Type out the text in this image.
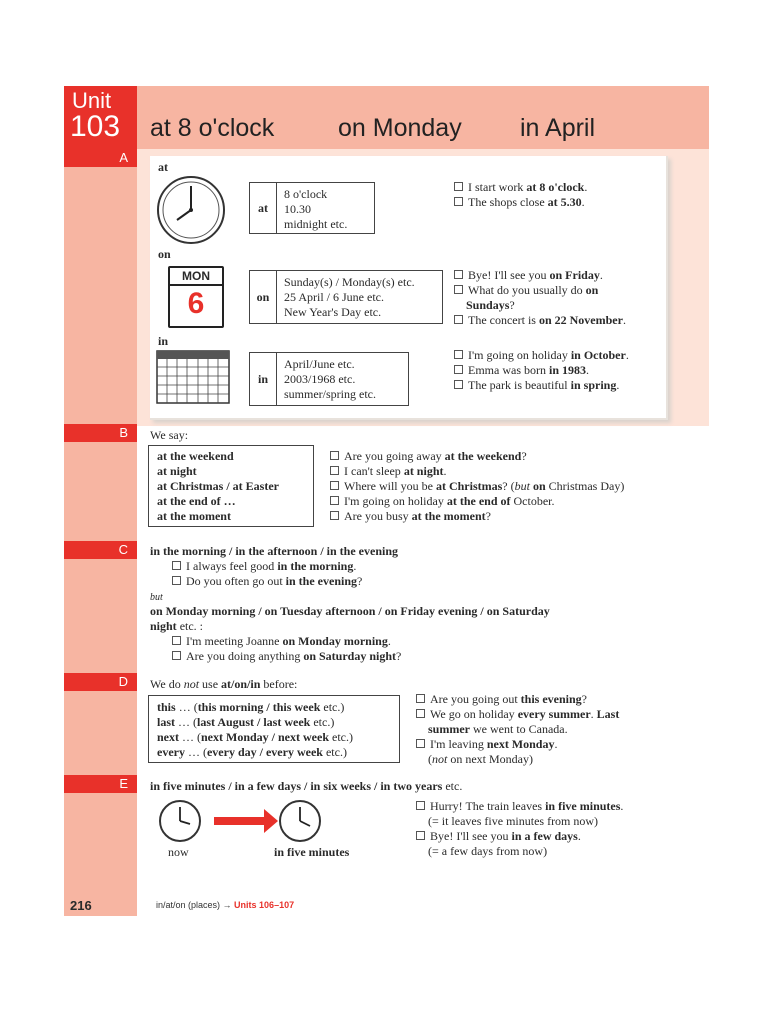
Unit
103 at 8 o'clock	on Monday in April
A
at
at
8 o'clock
10.30
midnight etc.
I start work at 8 o'clock.
The shops close at 5.30.
on
MON
6	on
Sunday(s) / Monday(s) etc.
25 April / 6 June etc.
New Year's Day etc.
Bye! I'll see you on Friday.
What do you usually do on
Sundays?
The concert is on 22 November.
in
in
April/June etc.
2003/1968 etc.
summer/spring etc.
I'm going on holiday in October.
Emma was born in 1983.
The park is beautiful in spring.
B We say:
at the weekend
at night
at Christmas / at Easter
at the end of …
at the moment
Are you going away at the weekend?
I can't sleep at night.
Where will you be at Christmas? (but on Christmas Day)
I'm going on holiday at the end of October.
Are you busy at the moment?
C in the morning / in the afternoon / in the evening
I always feel good in the morning.
Do you often go out in the evening?
but
on Monday morning / on Tuesday afternoon / on Friday evening / on Saturday
night etc. :
I'm meeting Joanne on Monday morning.
Are you doing anything on Saturday night?
D We do not use at/on/in before:
this … (this morning / this week etc.)
last … (last August / last week etc.)
next … (next Monday / next week etc.)
every … (every day / every week etc.)
Are you going out this evening?
We go on holiday every summer. Last
summer we went to Canada.
I'm leaving next Monday.
(not on next Monday)
E in five minutes / in a few days / in six weeks / in two years etc.
now	in five minutes
Hurry! The train leaves in five minutes.
(= it leaves five minutes from now)
Bye! I'll see you in a few days.
(= a few days from now)
216	in/at/on (places) → Units 106–107
